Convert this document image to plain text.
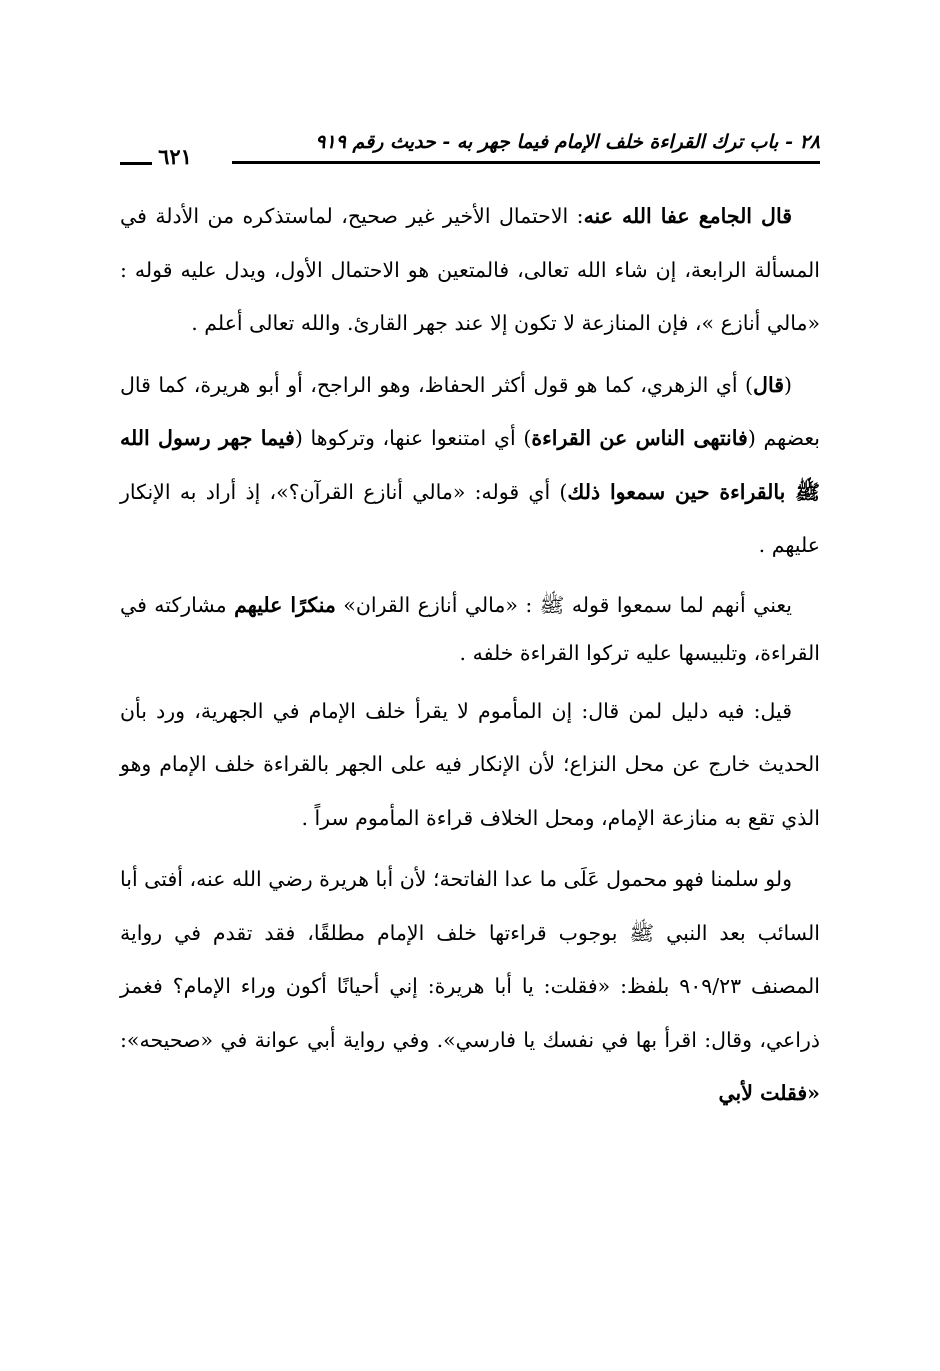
٢٨ - باب ترك القراءة خلف الإمام فيما جهر به - حديث رقم ٩١٩
٦٢١

قال الجامع عفا الله عنه: الاحتمال الأخير غير صحيح، لماستذكره من الأدلة في المسألة الرابعة، إن شاء الله تعالى، فالمتعين هو الاحتمال الأول، ويدل عليه قوله : «مالي أنازع »، فإن المنازعة لا تكون إلا عند جهر القارئ. والله تعالى أعلم .

(قال) أي الزهري، كما هو قول أكثر الحفاظ، وهو الراجح، أو أبو هريرة، كما قال بعضهم (فانتهى الناس عن القراءة) أي امتنعوا عنها، وتركوها (فيما جهر رسول الله ﷺ بالقراءة حين سمعوا ذلك) أي قوله: «مالي أنازع القرآن؟»، إذ أراد به الإنكار عليهم .

يعني أنهم لما سمعوا قوله ﷺ : «مالي أنازع القران» منكرًا عليهم مشاركته في القراءة، وتلبيسها عليه تركوا القراءة خلفه .

قيل: فيه دليل لمن قال: إن المأموم لا يقرأ خلف الإمام في الجهرية، ورد بأن الحديث خارج عن محل النزاع؛ لأن الإنكار فيه على الجهر بالقراءة خلف الإمام وهو الذي تقع به منازعة الإمام، ومحل الخلاف قراءة المأموم سراً .

ولو سلمنا فهو محمول عَلَى ما عدا الفاتحة؛ لأن أبا هريرة رضي الله عنه، أفتى أبا السائب بعد النبي ﷺ بوجوب قراءتها خلف الإمام مطلقًا، فقد تقدم في رواية المصنف ٩٠٩/٢٣ بلفظ: «فقلت: يا أبا هريرة: إني أحيانًا أكون وراء الإمام؟ فغمز ذراعي، وقال: اقرأ بها في نفسك يا فارسي». وفي رواية أبي عوانة في «صحيحه»: «فقلت لأبي
